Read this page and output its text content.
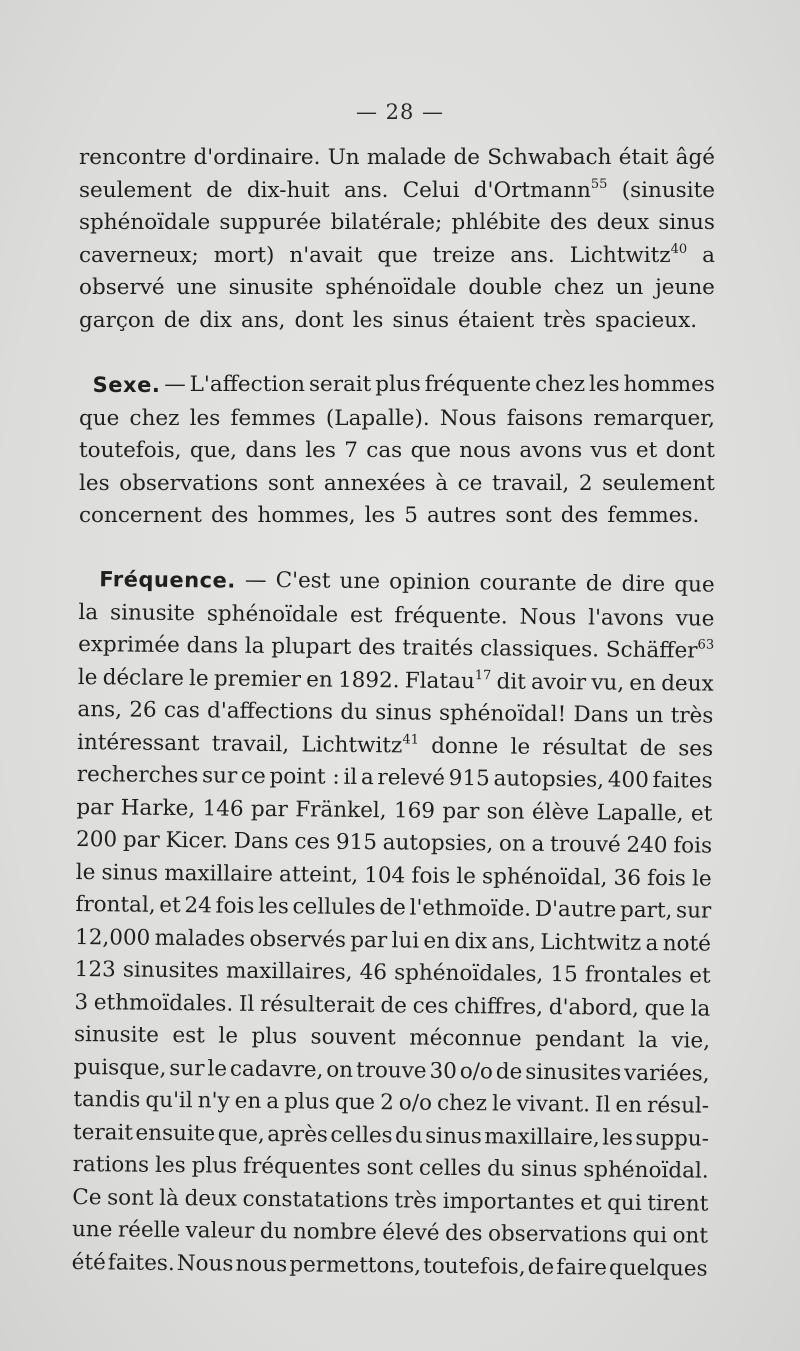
— 28 —
rencontre d'ordinaire. Un malade de Schwabach était âgé
seulement de dix-huit ans. Celui d'Ortmann$^{55}$ (sinusite
sphénoïdale suppurée bilatérale; phlébite des deux sinus
caverneux; mort) n'avait que treize ans. Lichtwitz$^{40}$ a
observé une sinusite sphénoïdale double chez un jeune
garçon de dix ans, dont les sinus étaient très spacieux.
Sexe. — L'affection serait plus fréquente chez les hommes
que chez les femmes (Lapalle). Nous faisons remarquer,
toutefois, que, dans les 7 cas que nous avons vus et dont
les observations sont annexées à ce travail, 2 seulement
concernent des hommes, les 5 autres sont des femmes.
Fréquence. — C'est une opinion courante de dire que
la sinusite sphénoïdale est fréquente. Nous l'avons vue
exprimée dans la plupart des traités classiques. Schäffer$^{63}$
le déclare le premier en 1892. Flatau$^{17}$ dit avoir vu, en deux
ans, 26 cas d'affections du sinus sphénoïdal! Dans un très
intéressant travail, Lichtwitz$^{41}$ donne le résultat de ses
recherches sur ce point : il a relevé 915 autopsies, 400 faites
par Harke, 146 par Fränkel, 169 par son élève Lapalle, et
200 par Kicer. Dans ces 915 autopsies, on a trouvé 240 fois
le sinus maxillaire atteint, 104 fois le sphénoïdal, 36 fois le
frontal, et 24 fois les cellules de l'ethmoïde. D'autre part, sur
12,000 malades observés par lui en dix ans, Lichtwitz a noté
123 sinusites maxillaires, 46 sphénoïdales, 15 frontales et
3 ethmoïdales. Il résulterait de ces chiffres, d'abord, que la
sinusite est le plus souvent méconnue pendant la vie,
puisque, sur le cadavre, on trouve 30 o/o de sinusites variées,
tandis qu'il n'y en a plus que 2 o/o chez le vivant. Il en résul-
terait ensuite que, après celles du sinus maxillaire, les suppu-
rations les plus fréquentes sont celles du sinus sphénoïdal.
Ce sont là deux constatations très importantes et qui tirent
une réelle valeur du nombre élevé des observations qui ont
été faites. Nous nous permettons, toutefois, de faire quelques
